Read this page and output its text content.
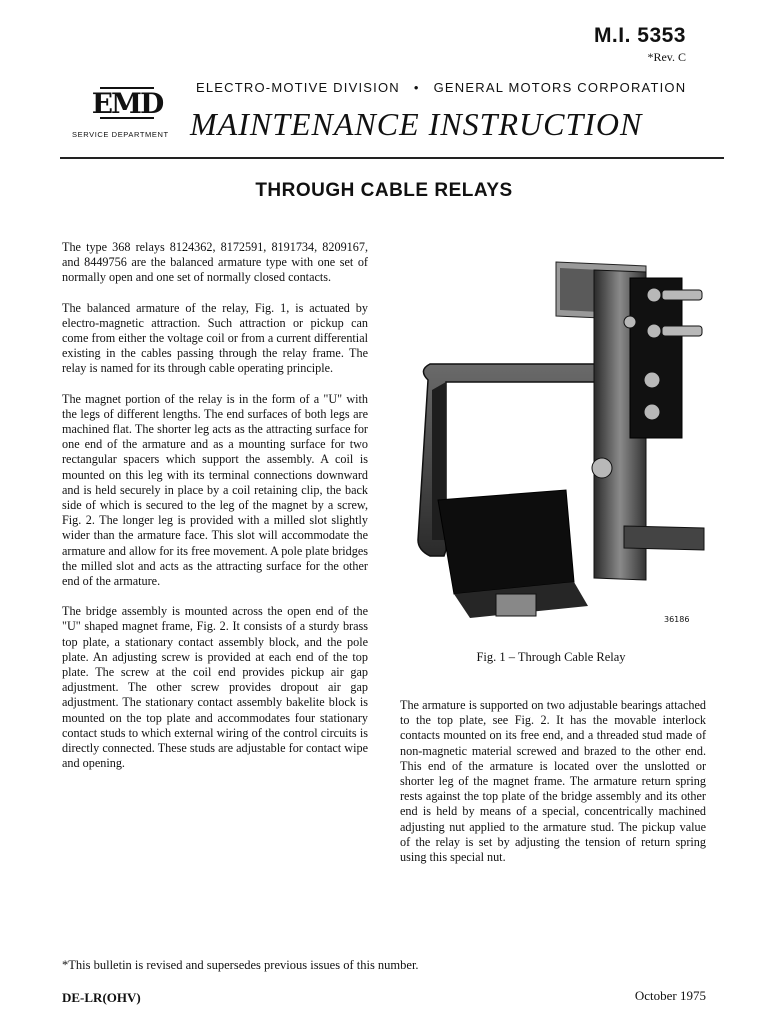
M.I. 5353
*Rev. C
EMD
SERVICE DEPARTMENT
ELECTRO-MOTIVE DIVISION • GENERAL MOTORS CORPORATION
MAINTENANCE INSTRUCTION
THROUGH CABLE RELAYS

The type 368 relays 8124362, 8172591, 8191734, 8209167, and 8449756 are the balanced armature type with one set of normally open and one set of normally closed contacts.

The balanced armature of the relay, Fig. 1, is actuated by electro-magnetic attraction. Such attraction or pickup can come from either the voltage coil or from a current differential existing in the cables passing through the relay frame. The relay is named for its through cable operating principle.

The magnet portion of the relay is in the form of a "U" with the legs of different lengths. The end surfaces of both legs are machined flat. The shorter leg acts as the attracting surface for one end of the armature and as a mounting surface for two rectangular spacers which support the assembly. A coil is mounted on this leg with its terminal connections downward and is held securely in place by a coil retaining clip, the back side of which is secured to the leg of the magnet by a screw, Fig. 2. The longer leg is provided with a milled slot slightly wider than the armature face. This slot will accommodate the armature and allow for its free movement. A pole plate bridges the milled slot and acts as the attracting surface for the other end of the armature.

The bridge assembly is mounted across the open end of the "U" shaped magnet frame, Fig. 2. It consists of a sturdy brass top plate, a stationary contact assembly block, and the pole plate. An adjusting screw is provided at each end of the top plate. The screw at the coil end provides pickup air gap adjustment. The other screw provides dropout air gap adjustment. The stationary contact assembly bakelite block is mounted on the top plate and accommodates four stationary contact studs to which external wiring of the control circuits is directly connected. These studs are adjustable for contact wipe and opening.

36186
Fig. 1 – Through Cable Relay

The armature is supported on two adjustable bearings attached to the top plate, see Fig. 2. It has the movable interlock contacts mounted on its free end, and a threaded stud made of non-magnetic material screwed and brazed to the other end. This end of the armature is located over the unslotted or shorter leg of the magnet frame. The armature return spring rests against the top plate of the bridge assembly and its other end is held by means of a special, concentrically machined adjusting nut applied to the armature stud. The pickup value of the relay is set by adjusting the tension of return spring using this special nut.

*This bulletin is revised and supersedes previous issues of this number.
DE-LR(OHV)	October 1975
